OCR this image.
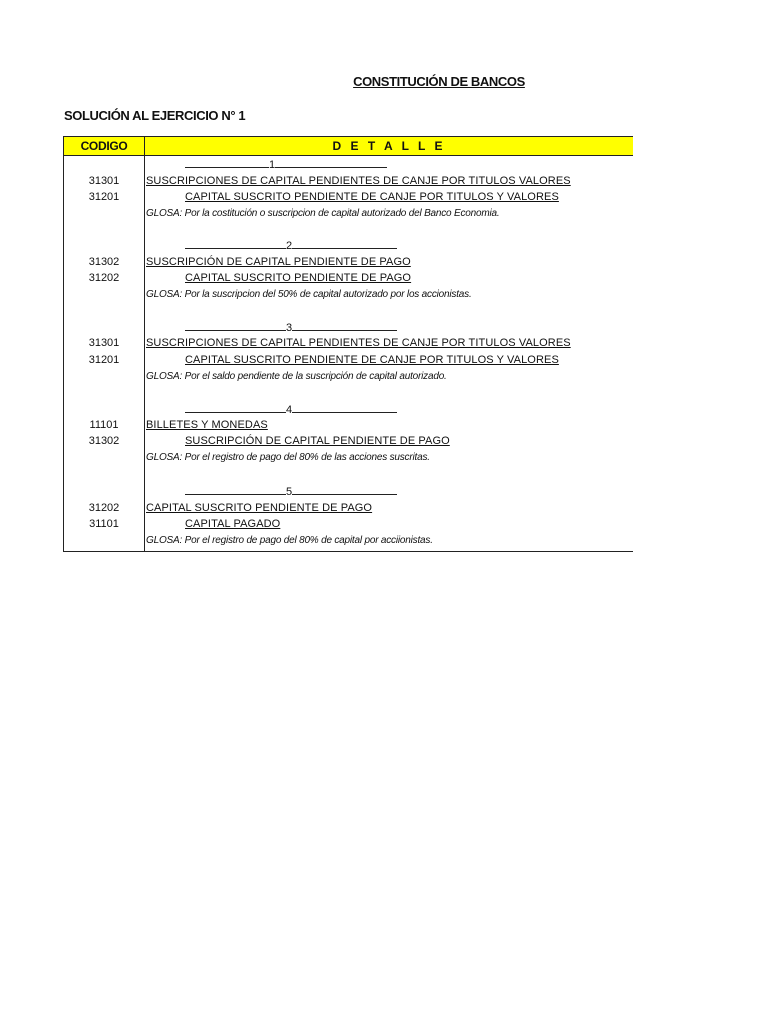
CONSTITUCIÓN DE BANCOS
SOLUCIÓN AL EJERCICIO N° 1
CODIGO	D E T A L L E
1
31301	SUSCRIPCIONES DE CAPITAL PENDIENTES DE CANJE POR TITULOS VALORES
31201	CAPITAL SUSCRITO PENDIENTE DE CANJE POR TITULOS Y VALORES
GLOSA: Por la costitución o suscripcion de capital autorizado del Banco Economia.
2
31302	SUSCRIPCIÓN DE CAPITAL PENDIENTE DE PAGO
31202	CAPITAL SUSCRITO PENDIENTE DE PAGO
GLOSA: Por la suscripcion del 50% de capital autorizado por los accionistas.
3
31301	SUSCRIPCIONES DE CAPITAL PENDIENTES DE CANJE POR TITULOS VALORES
31201	CAPITAL SUSCRITO PENDIENTE DE CANJE POR TITULOS Y VALORES
GLOSA: Por el saldo pendiente de la suscripción de capital autorizado.
4
11101	BILLETES Y MONEDAS
31302	SUSCRIPCIÓN DE CAPITAL PENDIENTE DE PAGO
GLOSA: Por el registro de pago del 80% de las acciones suscritas.
5
31202	CAPITAL SUSCRITO PENDIENTE DE PAGO
31101	CAPITAL PAGADO
GLOSA: Por el registro de pago del 80% de capital por acciionistas.
